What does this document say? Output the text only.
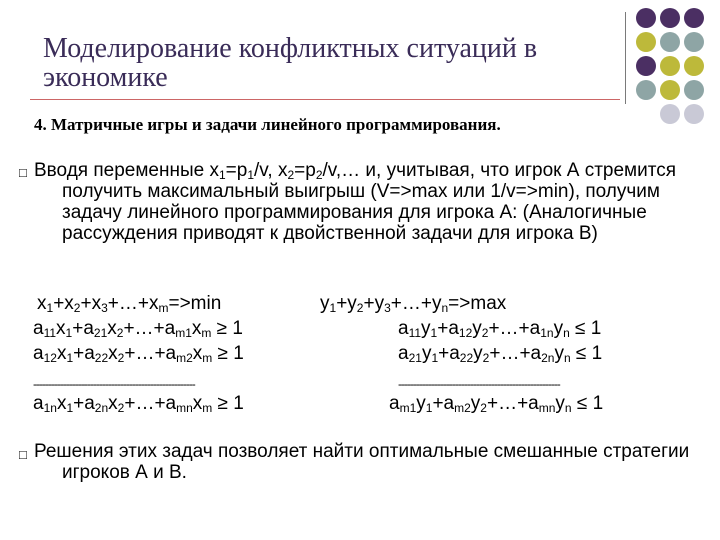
Моделирование конфликтных ситуаций в экономике
4. Матричные игры и задачи линейного программирования.
□ Вводя переменные $x_1=p_1/v$, $x_2=p_2/v,\dots$ и, учитывая, что игрок А стремится получить максимальный выигрыш (V=>max или 1/v=>min), получим задачу линейного программирования для игрока А: (Аналогичные рассуждения приводят к двойственной задачи для игрока В)
$x_1+x_2+x_3+\dots+x_m=>\min$
$a_{11}x_1+a_{21}x_2+\dots+a_{m1}x_m \ge 1$
$a_{12}x_1+a_{22}x_2+\dots+a_{m2}x_m \ge 1$
------------------------------------------------------
$a_{1n}x_1+a_{2n}x_2+\dots+a_{mn}x_m \ge 1$
$y_1+y_2+y_3+\dots+y_n=>\max$
$a_{11}y_1+a_{12}y_2+\dots+a_{1n}y_n \le 1$
$a_{21}y_1+a_{22}y_2+\dots+a_{2n}y_n \le 1$
------------------------------------------------------
$a_{m1}y_1+a_{m2}y_2+\dots+a_{mn}y_n \le 1$
□ Решения этих задач позволяет найти оптимальные смешанные стратегии игроков А и В.
